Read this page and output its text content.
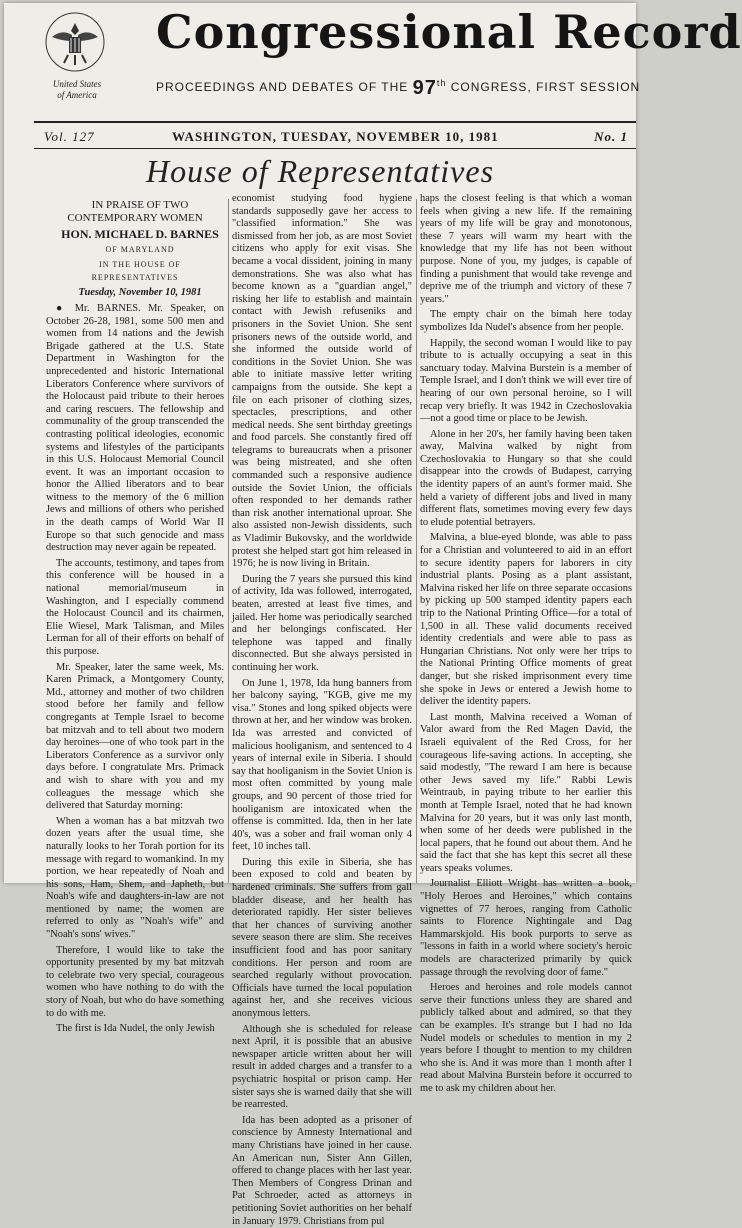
United States
of America
Congressional Record
PROCEEDINGS AND DEBATES OF THE 97th CONGRESS, FIRST SESSION
Vol. 127	WASHINGTON, TUESDAY, NOVEMBER 10, 1981	No. 1
House of Representatives

IN PRAISE OF TWO CONTEMPORARY WOMEN

HON. MICHAEL D. BARNES

OF MARYLAND

IN THE HOUSE OF REPRESENTATIVES

Tuesday, November 10, 1981

● Mr. BARNES. Mr. Speaker, on October 26-28, 1981, some 500 men and women from 14 nations and the Jewish Brigade gathered at the U.S. State Department in Washington for the unprecedented and historic International Liberators Conference where survivors of the Holocaust paid tribute to their heroes and caring rescuers. The fellowship and communality of the group transcended the contrasting political ideologies, economic systems and lifestyles of the participants in this U.S. Holocaust Memorial Council event. It was an important occasion to honor the Allied liberators and to bear witness to the memory of the 6 million Jews and millions of others who perished in the death camps of World War II Europe so that such genocide and mass destruction may never again be repeated.

The accounts, testimony, and tapes from this conference will be housed in a national memorial/museum in Washington, and I especially commend the Holocaust Council and its chairmen, Elie Wiesel, Mark Talisman, and Miles Lerman for all of their efforts on behalf of this purpose.

Mr. Speaker, later the same week, Ms. Karen Primack, a Montgomery County, Md., attorney and mother of two children stood before her family and fellow congregants at Temple Israel to become bat mitzvah and to tell about two modern day heroines—one of who took part in the Liberators Conference as a survivor only days before. I congratulate Mrs. Primack and wish to share with you and my colleagues the message which she delivered that Saturday morning:

When a woman has a bat mitzvah two dozen years after the usual time, she naturally looks to her Torah portion for its message with regard to womankind. In my portion, we hear repeatedly of Noah and his sons, Ham, Shem, and Japheth, but Noah's wife and daughters-in-law are not mentioned by name; the women are referred to only as "Noah's wife" and "Noah's sons' wives."

Therefore, I would like to take the opportunity presented by my bat mitzvah to celebrate two very special, courageous women who have nothing to do with the story of Noah, but who do have something to do with me.

The first is Ida Nudel, the only Jewish

economist studying food hygiene standards supposedly gave her access to "classified information." She was dismissed from her job, as are most Soviet citizens who apply for exit visas. She became a vocal dissident, joining in many demonstrations. She was also what has become known as a "guardian angel," risking her life to establish and maintain contact with Jewish refuseniks and prisoners in the Soviet Union. She sent prisoners news of the outside world, and she informed the outside world of conditions in the Soviet Union. She was able to initiate massive letter writing campaigns from the outside. She kept a file on each prisoner of clothing sizes, spectacles, prescriptions, and other medical needs. She sent birthday greetings and food parcels. She constantly fired off telegrams to bureaucrats when a prisoner was being mistreated, and she often commanded such a responsive audience outside the Soviet Union, the officials often responded to her demands rather than risk another international uproar. She also assisted non-Jewish dissidents, such as Vladimir Bukovsky, and the worldwide protest she helped start got him released in 1976; he is now living in Britain.

During the 7 years she pursued this kind of activity, Ida was followed, interrogated, beaten, arrested at least five times, and jailed. Her home was periodically searched and her belongings confiscated. Her telephone was tapped and finally disconnected. But she always persisted in continuing her work.

On June 1, 1978, Ida hung banners from her balcony saying, "KGB, give me my visa." Stones and long spiked objects were thrown at her, and her window was broken. Ida was arrested and convicted of malicious hooliganism, and sentenced to 4 years of internal exile in Siberia. I should say that hooliganism in the Soviet Union is most often committed by young male groups, and 90 percent of those tried for hooliganism are intoxicated when the offense is committed. Ida, then in her late 40's, was a sober and frail woman only 4 feet, 10 inches tall.

During this exile in Siberia, she has been exposed to cold and beaten by hardened criminals. She suffers from gall bladder disease, and her health has deteriorated rapidly. Her sister believes that her chances of surviving another severe season there are slim. She receives insufficient food and has poor sanitary conditions. Her person and room are searched regularly without provocation. Officials have turned the local population against her, and she receives vicious anonymous letters.

Although she is scheduled for release next April, it is possible that an abusive newspaper article written about her will result in added charges and a transfer to a psychiatric hospital or prison camp. Her sister says she is warned daily that she will be rearrested.

Ida has been adopted as a prisoner of conscience by Amnesty International and many Christians have joined in her cause. An American nun, Sister Ann Gillen, offered to change places with her last year. Then Members of Congress Drinan and Pat Schroeder, acted as attorneys in petitioning Soviet authorities on her behalf in January 1979. Christians from pul

haps the closest feeling is that which a woman feels when giving a new life. If the remaining years of my life will be gray and monotonous, these 7 years will warm my heart with the knowledge that my life has not been without purpose. None of you, my judges, is capable of finding a punishment that would take revenge and deprive me of the triumph and victory of these 7 years."

The empty chair on the bimah here today symbolizes Ida Nudel's absence from her people.

Happily, the second woman I would like to pay tribute to is actually occupying a seat in this sanctuary today. Malvina Burstein is a member of Temple Israel, and I don't think we will ever tire of hearing of our own personal heroine, so I will recap very briefly. It was 1942 in Czechoslovakia—not a good time or place to be Jewish.

Alone in her 20's, her family having been taken away, Malvina walked by night from Czechoslovakia to Hungary so that she could disappear into the crowds of Budapest, carrying the identity papers of an aunt's former maid. She held a variety of different jobs and lived in many different flats, sometimes moving every few days to elude potential betrayers.

Malvina, a blue-eyed blonde, was able to pass for a Christian and volunteered to aid in an effort to secure identity papers for laborers in city industrial plants. Posing as a plant assistant, Malvina risked her life on three separate occasions by picking up 500 stamped identity papers each trip to the National Printing Office—for a total of 1,500 in all. These valid documents received identity credentials and were able to pass as Hungarian Christians. Not only were her trips to the National Printing Office moments of great danger, but she risked imprisonment every time she spoke in Jews or entered a Jewish home to deliver the identity papers.

Last month, Malvina received a Woman of Valor award from the Red Magen David, the Israeli equivalent of the Red Cross, for her courageous life-saving actions. In accepting, she said modestly, "The reward I am here is because other Jews saved my life." Rabbi Lewis Weintraub, in paying tribute to her earlier this month at Temple Israel, noted that he had known Malvina for 20 years, but it was only last month, when some of her deeds were published in the local papers, that he found out about them. And he said the fact that she has kept this secret all these years speaks volumes.

Journalist Elliott Wright has written a book, "Holy Heroes and Heroines," which contains vignettes of 77 heroes, ranging from Catholic saints to Florence Nightingale and Dag Hammarskjold. His book purports to serve as "lessons in faith in a world where society's heroic models are characterized primarily by quick passage through the revolving door of fame."

Heroes and heroines and role models cannot serve their functions unless they are shared and publicly talked about and admired, so that they can be examples. It's strange but I had no Ida Nudel models or schedules to mention in my 2 years before I thought to mention to my children who she is. And it was more than 1 month after I read about Malvina Burstein before it occurred to me to ask my children about her.
